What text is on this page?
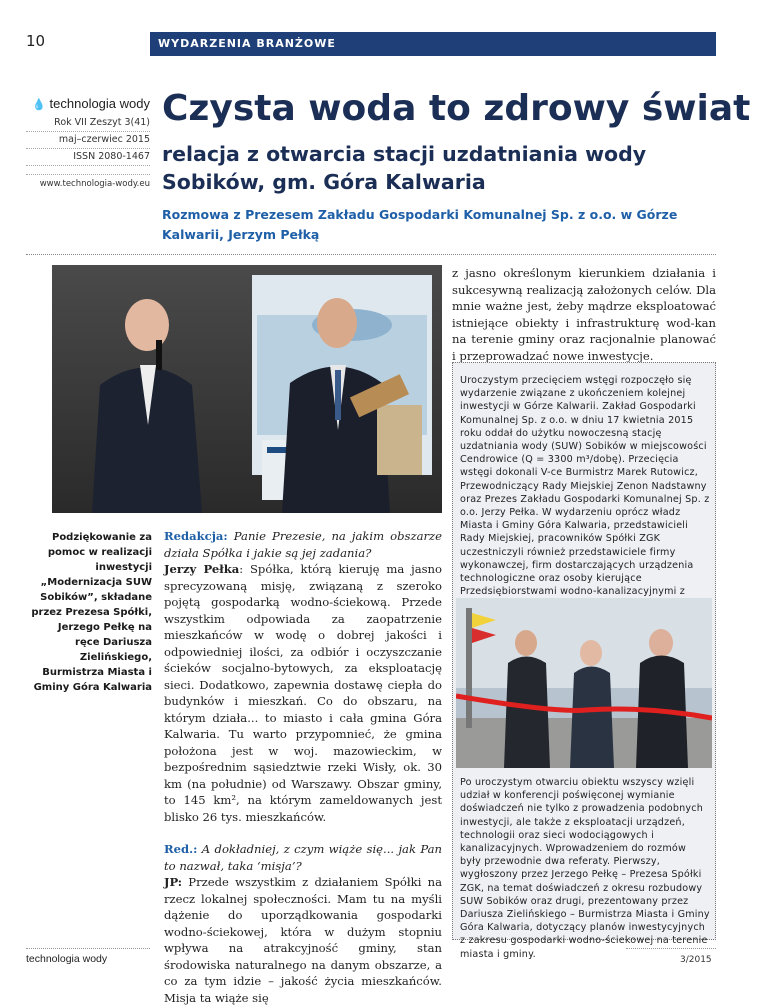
10	WYDARZENIA BRANŻOWE
💧 technologia wody
Rok VII Zeszyt 3(41)
maj–czerwiec 2015
ISSN 2080-1467
www.technologia-wody.eu
Czysta woda to zdrowy świat
relacja z otwarcia stacji uzdatniania wody Sobików, gm. Góra Kalwaria
Rozmowa z Prezesem Zakładu Gospodarki Komunalnej Sp. z o.o. w Górze Kalwarii, Jerzym Pełką
Podziękowanie za pomoc w realizacji inwestycji „Modernizacja SUW Sobików”, składane przez Prezesa Spółki, Jerzego Pełkę na ręce Dariusza Zielińskiego, Burmistrza Miasta i Gminy Góra Kalwaria

Redakcja: Panie Prezesie, na jakim obszarze działa Spółka i jakie są jej zadania?

Jerzy Pełka: Spółka, którą kieruję ma jasno sprecyzowaną misję, związaną z szeroko pojętą gospodarką wodno-ściekową. Przede wszystkim odpowiada za zaopatrzenie mieszkańców w wodę o dobrej jakości i odpowiedniej ilości, za odbiór i oczyszczanie ścieków socjalno-bytowych, za eksploatację sieci. Dodatkowo, zapewnia dostawę ciepła do budynków i mieszkań. Co do obszaru, na którym działa... to miasto i cała gmina Góra Kalwaria. Tu warto przypomnieć, że gmina położona jest w woj. mazowieckim, w bezpośrednim sąsiedztwie rzeki Wisły, ok. 30 km (na południe) od Warszawy. Obszar gminy, to 145 km², na którym zameldowanych jest blisko 26 tys. mieszkańców.

Red.: A dokładniej, z czym wiąże się... jak Pan to nazwał, taka ‘misja’?

JP: Przede wszystkim z działaniem Spółki na rzecz lokalnej społeczności. Mam tu na myśli dążenie do uporządkowania gospodarki wodno-ściekowej, która w dużym stopniu wpływa na atrakcyjność gminy, stan środowiska naturalnego na danym obszarze, a co za tym idzie – jakość życia mieszkańców. Misja ta wiąże się

z jasno określonym kierunkiem działania i sukcesywną realizacją założonych celów. Dla mnie ważne jest, żeby mądrze eksploatować istniejące obiekty i infrastrukturę wod-kan na terenie gminy oraz racjonalnie planować i przeprowadzać nowe inwestycje.
Uroczystym przecięciem wstęgi rozpoczęło się wydarzenie związane z ukończeniem kolejnej inwestycji w Górze Kalwarii. Zakład Gospodarki Komunalnej Sp. z o.o. w dniu 17 kwietnia 2015 roku oddał do użytku nowoczesną stację uzdatniania wody (SUW) Sobików w miejscowości Cendrowice (Q = 3300 m³/dobę). Przecięcia wstęgi dokonali V-ce Burmistrz Marek Rutowicz, Przewodniczący Rady Miejskiej Zenon Nadstawny oraz Prezes Zakładu Gospodarki Komunalnej Sp. z o.o. Jerzy Pełka. W wydarzeniu oprócz władz Miasta i Gminy Góra Kalwaria, przedstawicieli Rady Miejskiej, pracowników Spółki ZGK uczestniczyli również przedstawiciele firmy wykonawczej, firm dostarczających urządzenia technologiczne oraz osoby kierujące Przedsiębiorstwami wodno-kanalizacyjnymi z
Po uroczystym otwarciu obiektu wszyscy wzięli udział w konferencji poświęconej wymianie doświadczeń nie tylko z prowadzenia podobnych inwestycji, ale także z eksploatacji urządzeń, technologii oraz sieci wodociągowych i kanalizacyjnych. Wprowadzeniem do rozmów były przewodnie dwa referaty. Pierwszy, wygłoszony przez Jerzego Pełkę – Prezesa Spółki ZGK, na temat doświadczeń z okresu rozbudowy SUW Sobików oraz drugi, prezentowany przez Dariusza Zielińskiego – Burmistrza Miasta i Gminy Góra Kalwaria, dotyczący planów inwestycyjnych z zakresu gospodarki wodno-ściekowej na terenie miasta i gminy.
technologia wody	3/2015
